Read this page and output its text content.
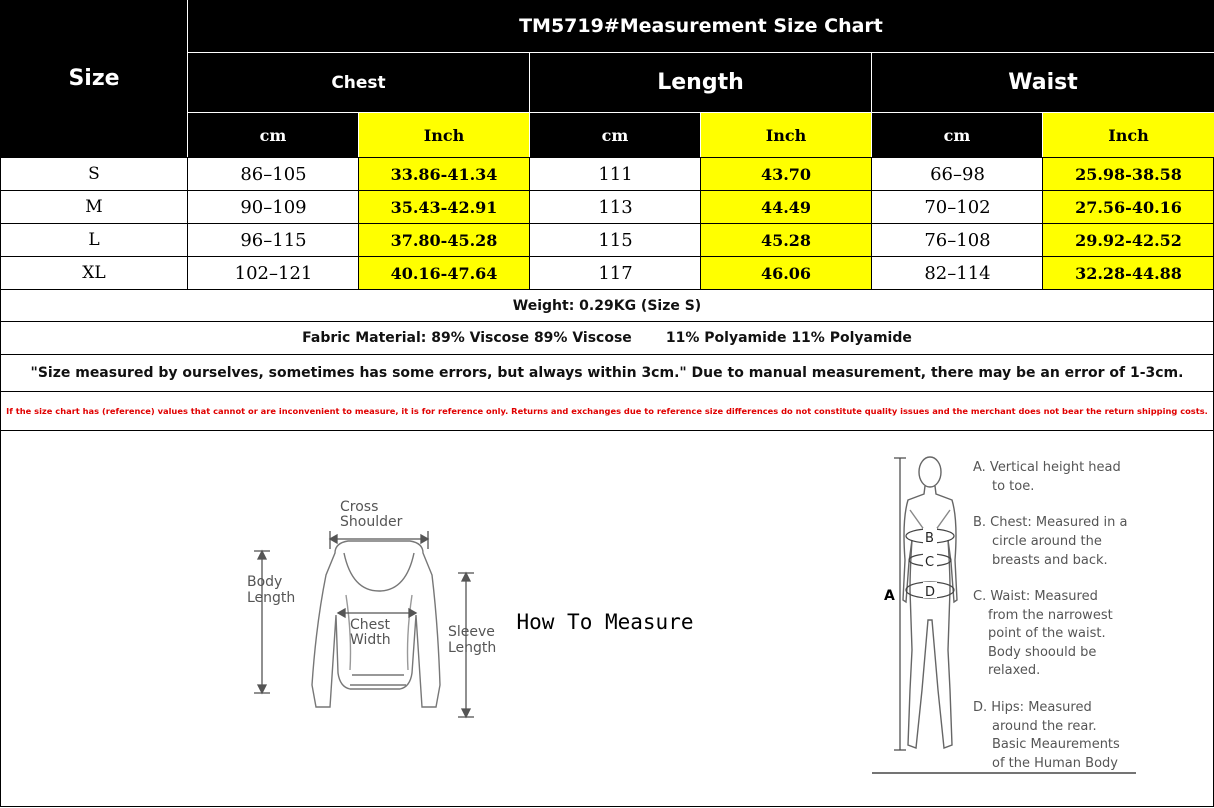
Size
TM5719#Measurement Size Chart
Chest	Length	Waist
cm	Inch	cm	Inch	cm	Inch
S	86–105	33.86-41.34	111	43.70	66–98	25.98-38.58
M	90–109	35.43-42.91	113	44.49	70–102	27.56-40.16
L	96–115	37.80-45.28	115	45.28	76–108	29.92-42.52
XL	102–121	40.16-47.64	117	46.06	82–114	32.28-44.88
Weight: 0.29KG (Size S)
Fabric Material: 89% Viscose 89% Viscose       11% Polyamide 11% Polyamide
"Size measured by ourselves, sometimes has some errors, but always within 3cm." Due to manual measurement, there may be an error of 1-3cm.
If the size chart has (reference) values that cannot or are inconvenient to measure, it is for reference only. Returns and exchanges due to reference size differences do not constitute quality issues and the merchant does not bear the return shipping costs.
Cross
Shoulder
Body
Length
Chest
Width	Sleeve
Length
How To Measure
A
B
C
D
A. Vertical height head
to toe.
B. Chest: Measured in a
circle around the
breasts and back.
C. Waist: Measured
from the narrowest
point of the waist.
Body shoould be
relaxed.
D. Hips: Measured
around the rear.
Basic Meaurements
of the Human Body
